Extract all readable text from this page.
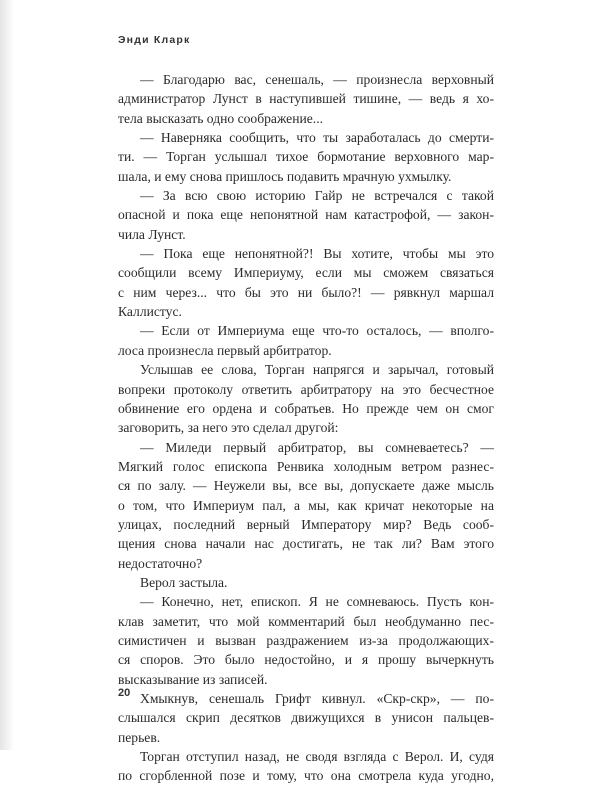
Энди Кларк
— Благодарю вас, сенешаль, — произнесла верховный
администратор Лунст в наступившей тишине, — ведь я хо-
тела высказать одно соображение...
— Наверняка сообщить, что ты заработалась до смерти-
ти. — Торган услышал тихое бормотание верховного мар-
шала, и ему снова пришлось подавить мрачную ухмылку.
— За всю свою историю Гайр не встречался с такой
опасной и пока еще непонятной нам катастрофой, — закон-
чила Лунст.
— Пока еще непонятной?! Вы хотите, чтобы мы это
сообщили всему Империуму, если мы сможем связаться
с ним через... что бы это ни было?! — рявкнул маршал
Каллистус.
— Если от Империума еще что-то осталось, — вполго-
лоса произнесла первый арбитратор.
Услышав ее слова, Торган напрягся и зарычал, готовый
вопреки протоколу ответить арбитратору на это бесчестное
обвинение его ордена и собратьев. Но прежде чем он смог
заговорить, за него это сделал другой:
— Миледи первый арбитратор, вы сомневаетесь? —
Мягкий голос епископа Ренвика холодным ветром разнес-
ся по залу. — Неужели вы, все вы, допускаете даже мысль
о том, что Империум пал, а мы, как кричат некоторые на
улицах, последний верный Императору мир? Ведь сооб-
щения снова начали нас достигать, не так ли? Вам этого
недостаточно?
Верол застыла.
— Конечно, нет, епископ. Я не сомневаюсь. Пусть кон-
клав заметит, что мой комментарий был необдуманно пес-
симистичен и вызван раздражением из-за продолжающих-
ся споров. Это было недостойно, и я прошу вычеркнуть
высказывание из записей.
Хмыкнув, сенешаль Грифт кивнул. «Скр-скр», — по-
слышался скрип десятков движущихся в унисон пальцев-
перьев.
Торган отступил назад, не сводя взгляда с Верол. И, судя
по сгорбленной позе и тому, что она смотрела куда угодно,
20
